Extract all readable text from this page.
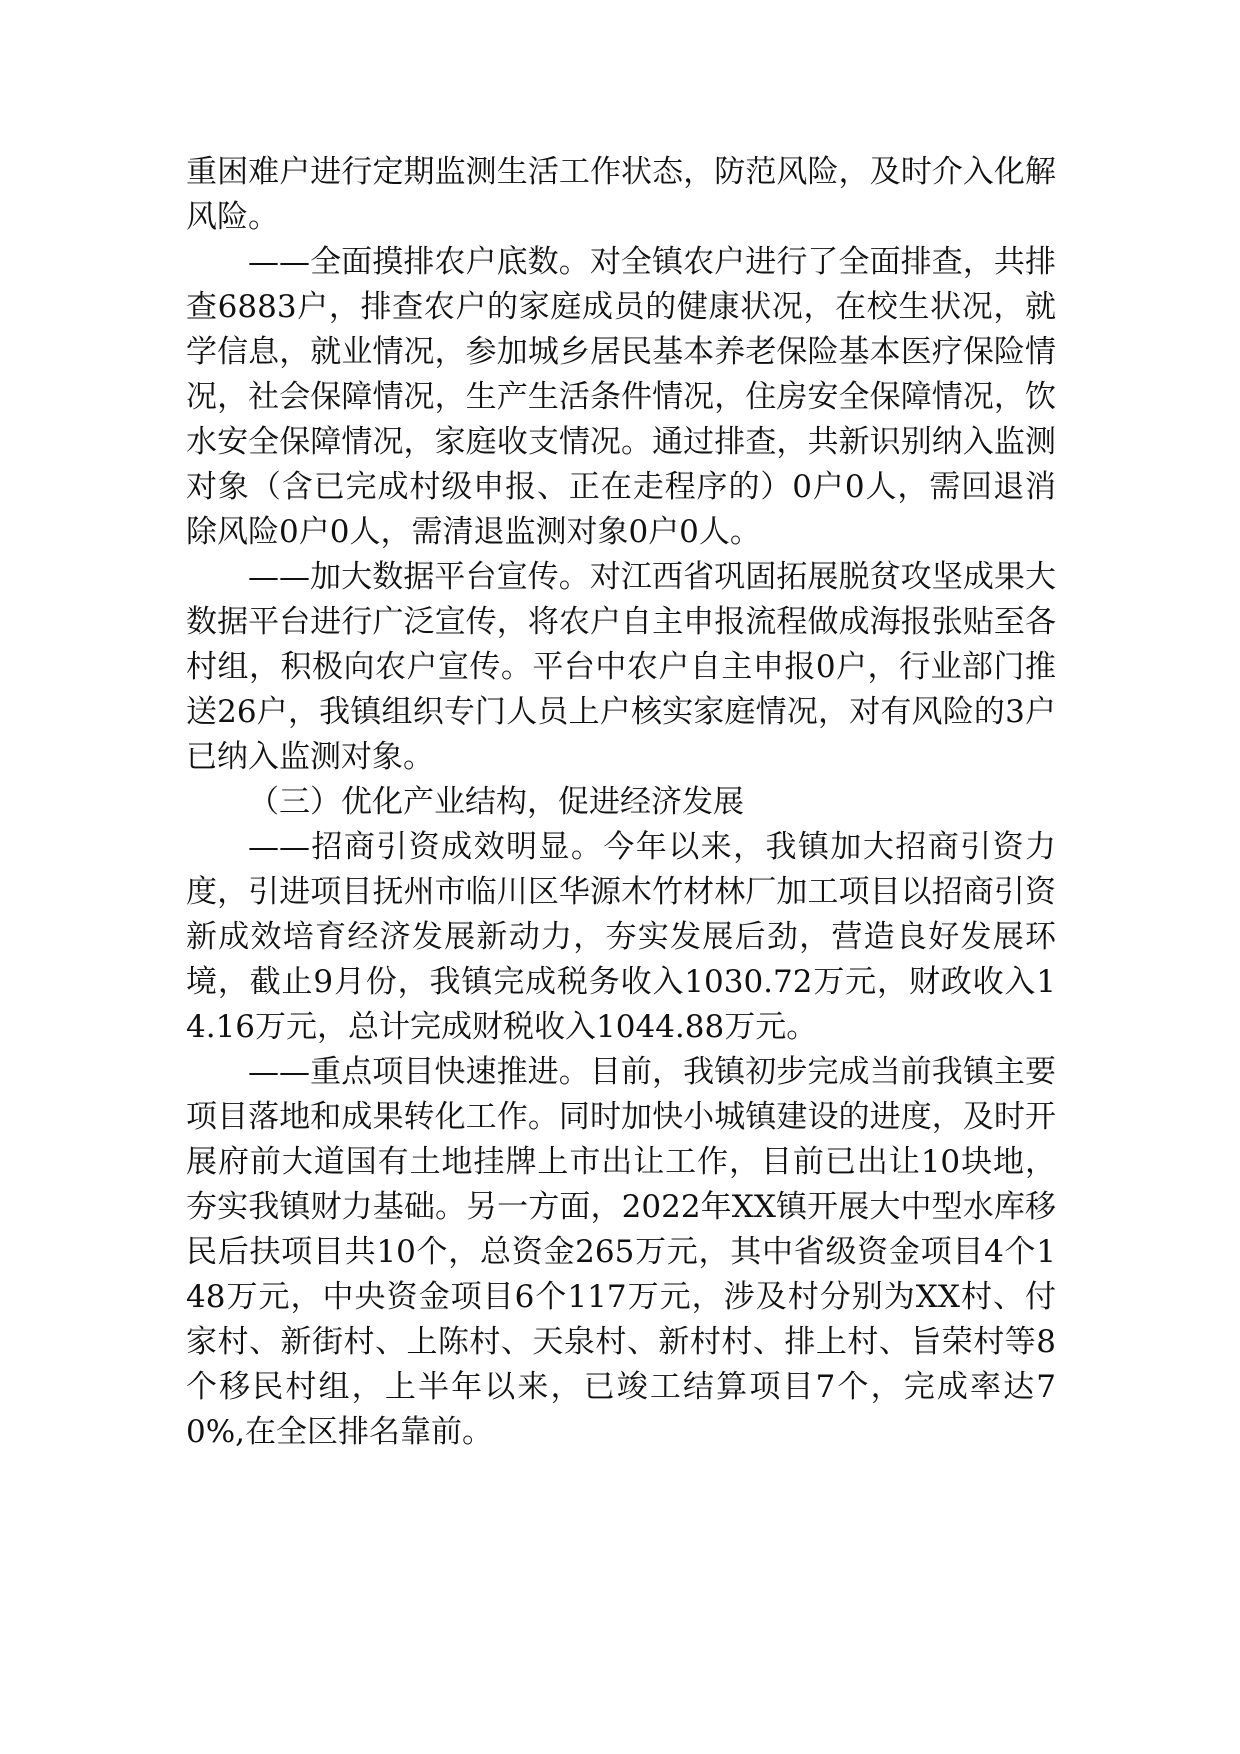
重困难户进行定期监测生活工作状态，防范风险，及时介入化解风险。

——全面摸排农户底数。对全镇农户进行了全面排查，共排查6883户，排查农户的家庭成员的健康状况，在校生状况，就学信息，就业情况，参加城乡居民基本养老保险基本医疗保险情况，社会保障情况，生产生活条件情况，住房安全保障情况，饮水安全保障情况，家庭收支情况。通过排查，共新识别纳入监测对象（含已完成村级申报、正在走程序的）0户0人，需回退消除风险0户0人，需清退监测对象0户0人。

——加大数据平台宣传。对江西省巩固拓展脱贫攻坚成果大数据平台进行广泛宣传，将农户自主申报流程做成海报张贴至各村组，积极向农户宣传。平台中农户自主申报0户，行业部门推送26户，我镇组织专门人员上户核实家庭情况，对有风险的3户已纳入监测对象。

（三）优化产业结构，促进经济发展

——招商引资成效明显。今年以来，我镇加大招商引资力度，引进项目抚州市临川区华源木竹材林厂加工项目以招商引资新成效培育经济发展新动力，夯实发展后劲，营造良好发展环境，截止9月份，我镇完成税务收入1030.72万元，财政收入14.16万元，总计完成财税收入1044.88万元。

——重点项目快速推进。目前，我镇初步完成当前我镇主要项目落地和成果转化工作。同时加快小城镇建设的进度，及时开展府前大道国有土地挂牌上市出让工作，目前已出让10块地，夯实我镇财力基础。另一方面，2022年XX镇开展大中型水库移民后扶项目共10个，总资金265万元，其中省级资金项目4个148万元，中央资金项目6个117万元，涉及村分别为XX村、付家村、新街村、上陈村、天泉村、新村村、排上村、旨荣村等8个移民村组，上半年以来，已竣工结算项目7个，完成率达70%,在全区排名靠前。
